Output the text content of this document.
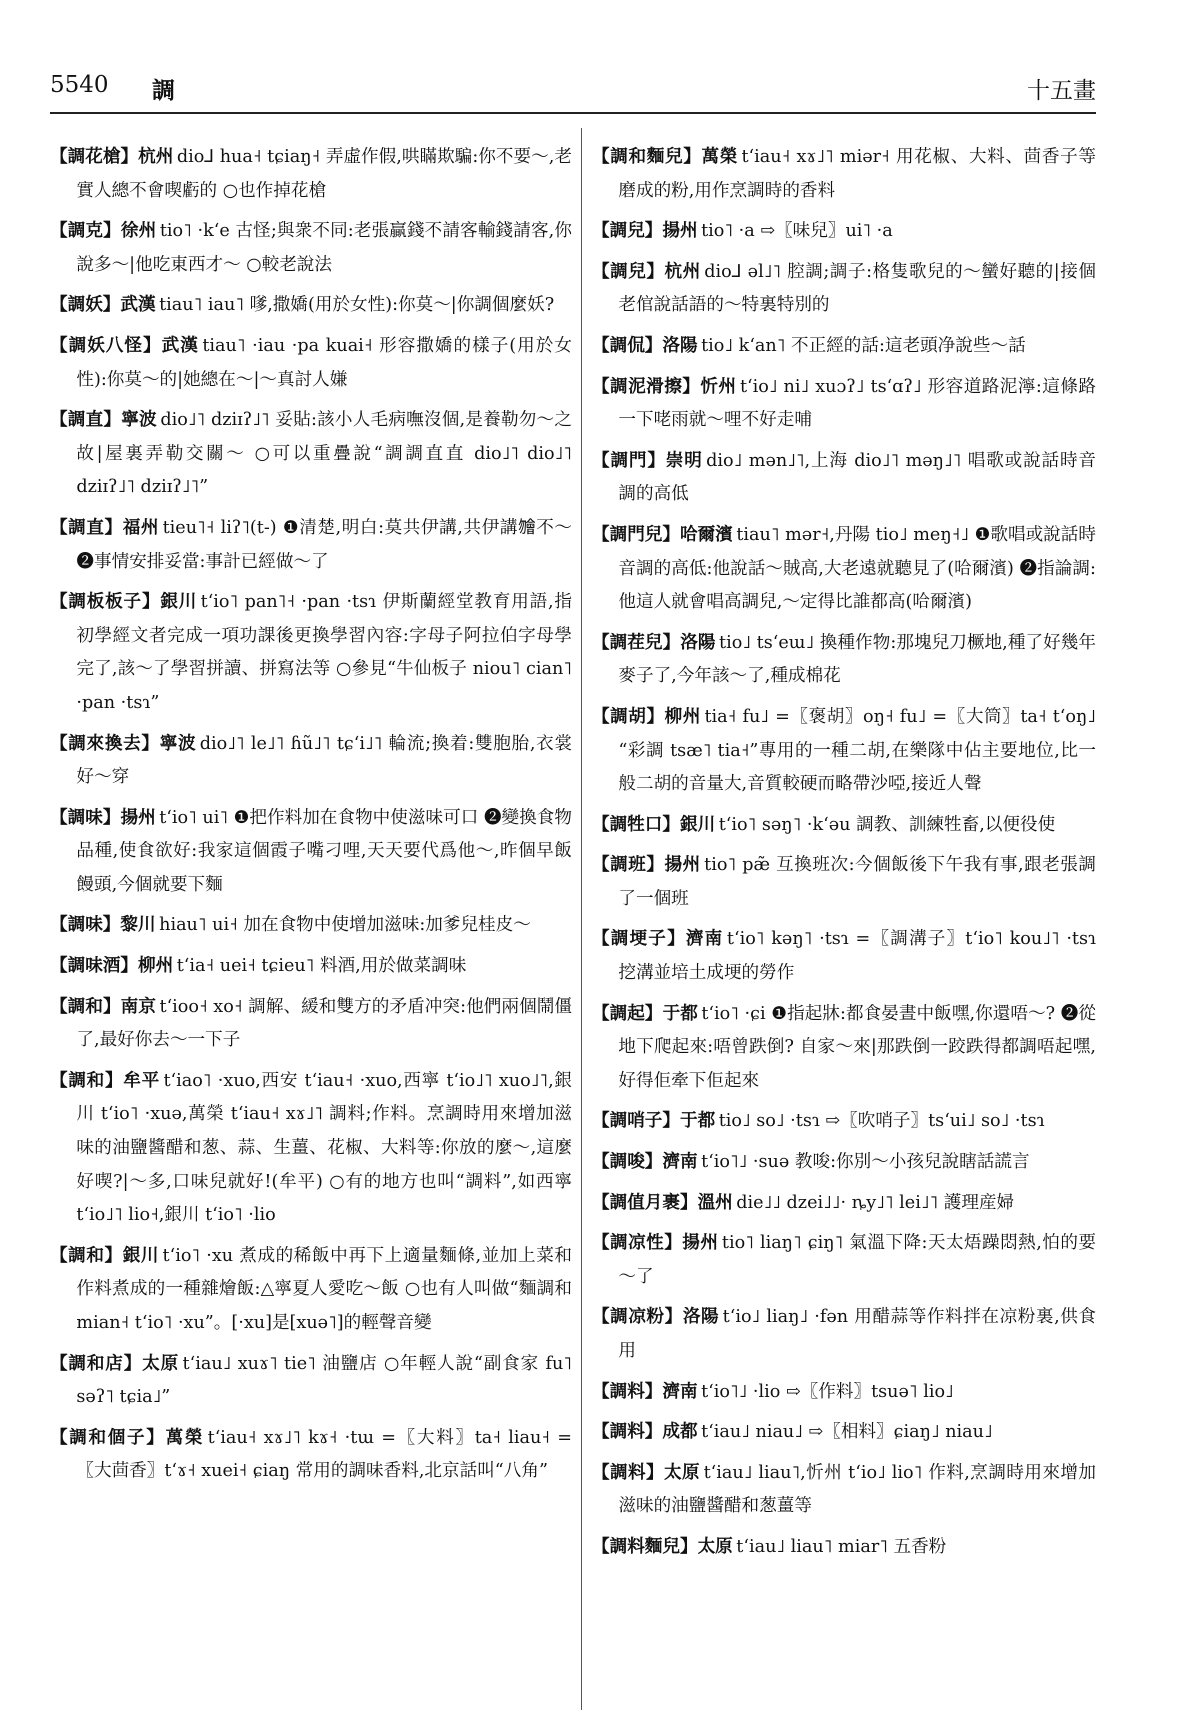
5540 調	十五畫
【調花槍】杭州 dio⅃ hua˧ tɕiaŋ˧ 弄虛作假,哄瞞欺騙:你不要～,老實人總不會喫虧的 ○也作掉花槍
【調克】徐州 tio˥ ·kʻe 古怪;與衆不同:老張贏錢不請客輸錢請客,你說多～|他吃東西才～ ○較老說法
【調妖】武漢 tiau˥ iau˥ 嗲,撒嬌(用於女性):你莫～|你調個麼妖?
【調妖八怪】武漢 tiau˥ ·iau ·pa kuai˧ 形容撒嬌的樣子(用於女性):你莫～的|她總在～|～真討人嫌
【調直】寧波 dio˩˥ dziɪʔ˩˥ 妥貼:該小人毛病嘸沒個,是養勒勿～之故|屋裏弄勒交關～ ○可以重疊說“調調直直 dio˩˥ dio˩˥ dziɪʔ˩˥ dziɪʔ˩˥”
【調直】福州 tieu˥˧ liʔ˥(t-) ❶清楚,明白:莫共伊講,共伊講𣍐不～ ❷事情安排妥當:事計已經做～了
【調板板子】銀川 tʻio˥ pan˥˧ ·pan ·tsɿ 伊斯蘭經堂教育用語,指初學經文者完成一項功課後更換學習內容:字母子阿拉伯字母學完了,該～了學習拼讀、拼寫法等 ○參見“牛仙板子 niou˥ cian˥ ·pan ·tsɿ”
【調來換去】寧波 dio˩˥ le˩˥ ɦũ˩˥ tɕʻi˩˥ 輪流;換着:雙胞胎,衣裳好～穿
【調味】揚州 tʻio˥ ui˥ ❶把作料加在食物中使滋味可口 ❷變換食物品種,使食欲好:我家這個霞子嘴刁哩,天天要代爲他～,昨個早飯饅頭,今個就要下麵
【調味】黎川 hiau˥ ui˧ 加在食物中使增加滋味:加爹兒桂皮～
【調味酒】柳州 tʻia˧ uei˧ tɕieu˥ 料酒,用於做菜調味
【調和】南京 tʻioo˧ xo˧ 調解、緩和雙方的矛盾冲突:他們兩個鬧僵了,最好你去～一下子
【調和】牟平 tʻiao˥ ·xuo,西安 tʻiau˧ ·xuo,西寧 tʻio˩˥ xuo˩˥,銀川 tʻio˥ ·xuə,萬榮 tʻiau˧ xɤ˩˥ 調料;作料。烹調時用來增加滋味的油鹽醬醋和葱、蒜、生薑、花椒、大料等:你放的麼～,這麼好喫?|～多,口味兒就好!(牟平) ○有的地方也叫“調料”,如西寧 tʻio˩˥ lio˧,銀川 tʻio˥ ·lio
【調和】銀川 tʻio˥ ·xu 煮成的稀飯中再下上適量麵條,並加上菜和作料煮成的一種雜燴飯:△寧夏人愛吃～飯 ○也有人叫做“麵調和 mian˧ tʻio˥ ·xu”。[·xu]是[xuə˥]的輕聲音變
【調和店】太原 tʻiau˩ xuɤ˥ tie˥ 油鹽店 ○年輕人說“副食家 fu˥ səʔ˥ tɕia˩”
【調和個子】萬榮 tʻiau˧ xɤ˩˥ kɤ˧ ·tɯ =〖大料〗ta˧ liau˧ =〖大茴香〗tʻɤ˧ xuei˧ ɕiaŋ 常用的調味香料,北京話叫“八角”
【調和麵兒】萬榮 tʻiau˧ xɤ˩˥ miər˧ 用花椒、大料、茴香子等磨成的粉,用作烹調時的香料
【調兒】揚州 tio˥ ·a ⇨〖味兒〗ui˥ ·a
【調兒】杭州 dio⅃ əl˩˥ 腔調;調子:格隻歌兒的～蠻好聽的|接個老倌說話語的～特裏特別的
【調侃】洛陽 tio˩ kʻan˥ 不正經的話:這老頭净說些～話
【調泥滑擦】忻州 tʻio˩ ni˩ xuɔʔ˩ tsʻɑʔ˩ 形容道路泥濘:這條路一下咾雨就～哩不好走哺
【調門】崇明 dio˩ mən˩˥,上海 dio˩˥ məŋ˩˥ 唱歌或說話時音調的高低
【調門兒】哈爾濱 tiau˥ mər˧,丹陽 tio˩ meŋ˧˩ ❶歌唱或說話時音調的高低:他說話～賊高,大老遠就聽見了(哈爾濱) ❷指論調:他這人就會唱高調兒,～定得比誰都高(哈爾濱)
【調茬兒】洛陽 tio˩ tsʻeɯ˩ 換種作物:那塊兒刀橛地,種了好幾年麥子了,今年該～了,種成棉花
【調胡】柳州 tia˧ fu˩ =〖褒胡〗oŋ˧ fu˩ =〖大筒〗ta˧ tʻoŋ˩ “彩調 tsæ˥ tia˧”專用的一種二胡,在樂隊中佔主要地位,比一般二胡的音量大,音質較硬而略帶沙啞,接近人聲
【調牲口】銀川 tʻio˥ səŋ˥ ·kʻəu 調教、訓練牲畜,以便役使
【調班】揚州 tio˥ pæ̃ 互換班次:今個飯後下午我有事,跟老張調了一個班
【調埂子】濟南 tʻio˥ kəŋ˥ ·tsɿ =〖調溝子〗tʻio˥ kou˩˥ ·tsɿ 挖溝並培土成埂的勞作
【調起】于都 tʻio˥ ·ɕi ❶指起牀:都食晏晝中飯嘿,你還唔～? ❷從地下爬起來:唔曾跌倒? 自家～來|那跌倒一跤跌得都調唔起嘿,好得佢牽下佢起來
【調哨子】于都 tio˩ so˩ ·tsɿ ⇨〖吹哨子〗tsʻui˩ so˩ ·tsɿ
【調唆】濟南 tʻio˥˩ ·suə 教唆:你別～小孩兒說瞎話謊言
【調值月裹】溫州 die˩˩ dzei˩˩· ȵy˩˥ lei˩˥ 護理産婦
【調凉性】揚州 tio˥ liaŋ˥ ɕiŋ˥ 氣溫下降:天太焐躁悶熱,怕的要～了
【調凉粉】洛陽 tʻio˩ liaŋ˩ ·fən 用醋蒜等作料拌在凉粉裏,供食用
【調料】濟南 tʻio˥˩ ·lio ⇨〖作料〗tsuə˥ lio˩
【調料】成都 tʻiau˩ niau˩ ⇨〖相料〗ɕiaŋ˩ niau˩
【調料】太原 tʻiau˩ liau˥,忻州 tʻio˩ lio˥ 作料,烹調時用來增加滋味的油鹽醬醋和葱薑等
【調料麵兒】太原 tʻiau˩ liau˥ miar˥ 五香粉
